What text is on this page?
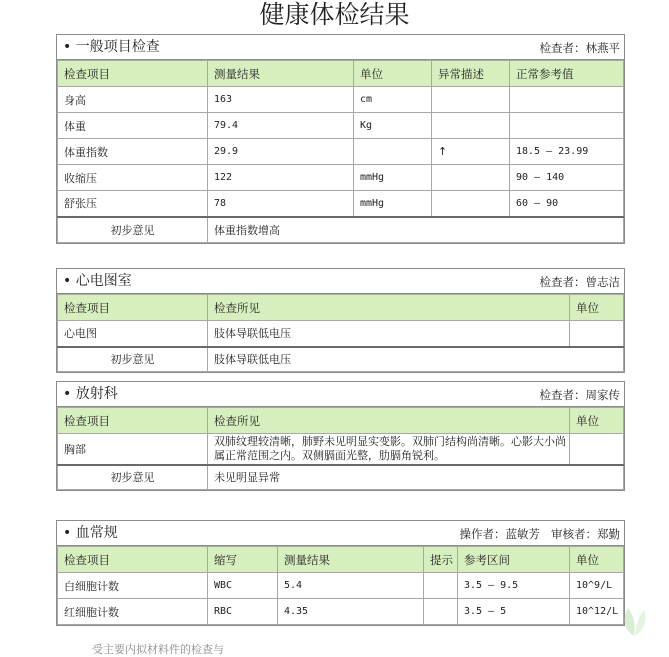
健康体检结果
• 一般项目检查	检查者：林燕平
检查项目	测量结果	单位	异常描述	正常参考值
身高	163	cm		
体重	79.4	Kg		
体重指数	29.9		↑	18.5 — 23.99
收缩压	122	mmHg		90 — 140
舒张压	78	mmHg		60 — 90
初步意见	体重指数增高			
• 心电图室	检查者：曾志洁
检查项目	检查所见	单位
心电图	肢体导联低电压	
初步意见	肢体导联低电压	
• 放射科	检查者：周家传
检查项目	检查所见	单位
胸部	双肺纹理较清晰，肺野未见明显实变影。双肺门结构尚清晰。心影大小尚属正常范围之内。双侧膈面光整，肋膈角锐利。	
初步意见	未见明显异常	
• 血常规	操作者：蓝敏芳 审核者：郑勤
检查项目	缩写	测量结果	提示	参考区间	单位
白细胞计数	WBC	5.4		3.5 — 9.5	10^9/L
红细胞计数	RBC	4.35		3.5 — 5	10^12/L
受主要内拟材料件的检查与
